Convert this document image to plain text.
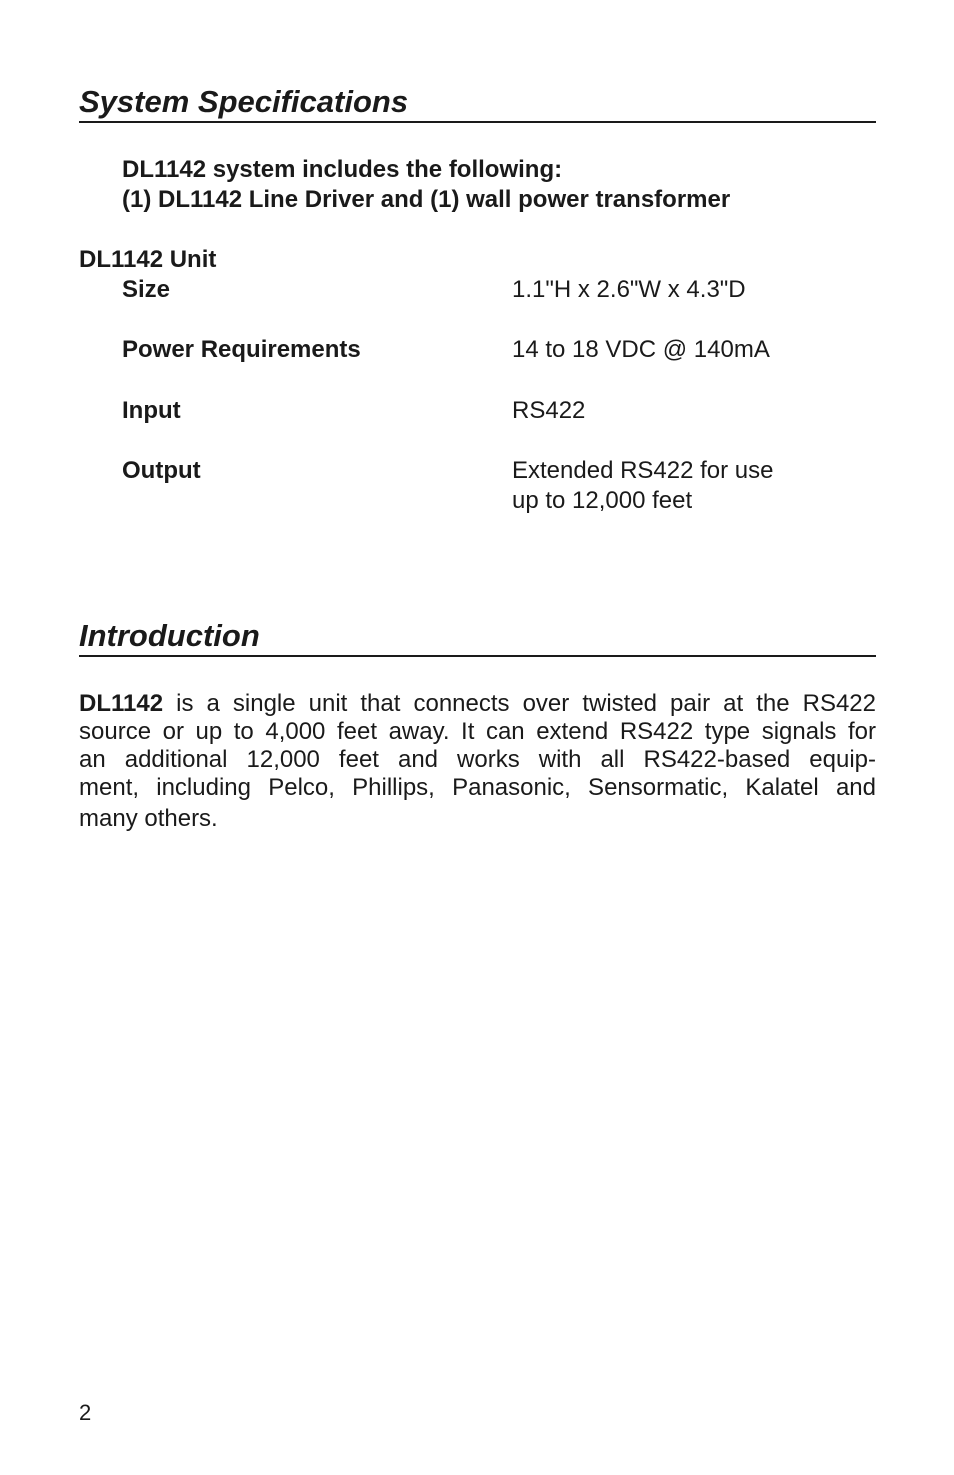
System Specifications
DL1142 system includes the following:
(1) DL1142 Line Driver and (1) wall power transformer
DL1142 Unit
Size	1.1"H x 2.6"W x 4.3"D
Power Requirements	14 to 18 VDC @ 140mA
Input	RS422
Output	Extended RS422 for use
up to 12,000 feet
Introduction
DL1142 is a single unit that connects over twisted pair at the RS422
source or up to 4,000 feet away. It can extend RS422 type signals for
an additional 12,000 feet and works with all RS422-based equip-
ment, including Pelco, Phillips, Panasonic, Sensormatic, Kalatel and
many others.
2
